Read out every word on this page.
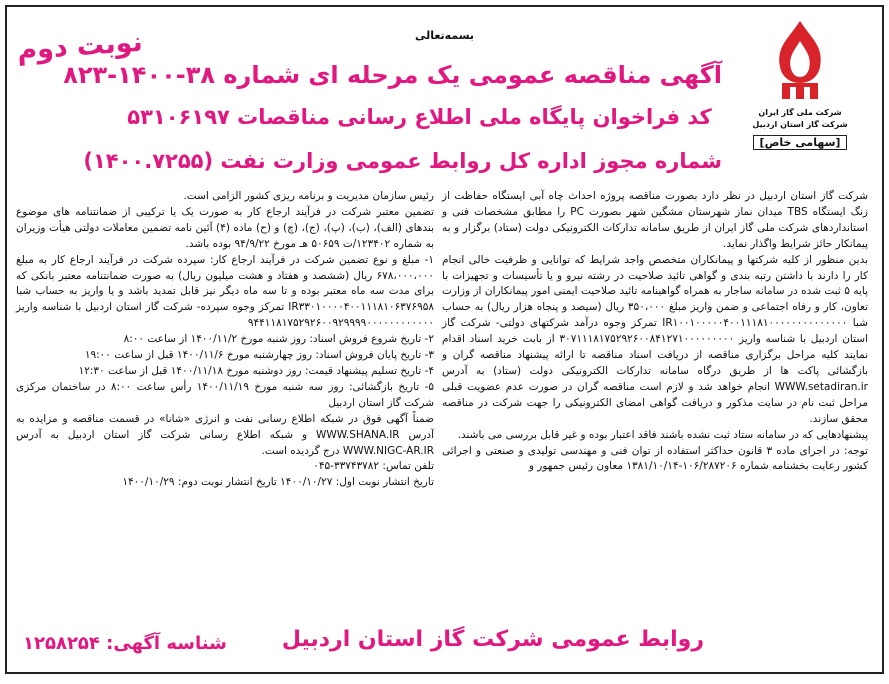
شرکت ملی گاز ایران
شرکت گاز استان اردبیل
[سهامی خاص]
بسمه‌تعالی
نوبت دوم
آگهی مناقصه عمومی یک مرحله ای شماره ۳۸-۱۴۰۰-۸۲۳
کد فراخوان پایگاه ملی اطلاع رسانی مناقصات ۵۳۱۰۶۱۹۷
شماره مجوز اداره کل روابط عمومی وزارت نفت (۱۴۰۰.۷۲۵۵)

شرکت گاز استان اردبیل در نظر دارد بصورت مناقصه پروژه احداث چاه آبی ایستگاه حفاظت از زنگ ایستگاه TBS میدان نماز شهرستان مشگین شهر بصورت PC را مطابق مشخصات فنی و استانداردهای شرکت ملی گاز ایران از طریق سامانه تدارکات الکترونیکی دولت (ستاد) برگزار و به پیمانکار حائز شرایط واگذار نماید.

بدین منظور از کلیه شرکتها و پیمانکاران متخصص واجد شرایط که توانایی و ظرفیت خالی انجام کار را دارند با داشتن رتبه بندی و گواهی تائید صلاحیت در رشته نیرو و یا تأسیسات و تجهیزات با پایه ۵ ثبت شده در سامانه ساجار به همراه گواهینامه تائید صلاحیت ایمنی امور پیمانکاران از وزارت تعاون، کار و رفاه اجتماعی و ضمن واریز مبلغ ۳۵۰،۰۰۰ ریال (سیصد و پنجاه هزار ریال) به حساب شبا IR۱۰۰۱۰۰۰۰۰۴۰۰۱۱۱۸۱۰۰۰۰۰۰۰۰۰۰۰۰۰۰ تمرکز وجوه درآمد شرکتهای دولتی- شرکت گاز استان اردبیل با شناسه واریز ۳۰۷۱۱۱۸۱۷۵۲۹۲۶۰۰۸۴۱۲۷۱۰۰۰۰۰۰۰۰۰ از بابت خرید اسناد اقدام نمایند کلیه مراحل برگزاری مناقصه از دریافت اسناد مناقصه تا ارائه پیشنهاد مناقصه گران و بازگشائی پاکت ها از طریق درگاه سامانه تدارکات الکترونیکی دولت (ستاد) به آدرس WWW.setadiran.ir انجام خواهد شد و لازم است مناقصه گران در صورت عدم عضویت قبلی مراحل ثبت نام در سایت مذکور و دریافت گواهی امضای الکترونیکی را جهت شرکت در مناقصه محقق سازند.

پیشنهادهایی که در سامانه ستاد ثبت نشده باشند فاقد اعتبار بوده و غیر قابل بررسی می باشند.

توجه: در اجرای ماده ۳ قانون حداکثر استفاده از توان فنی و مهندسی تولیدی و صنعتی و اجرائی کشور رعایت بخشنامه شماره ۱۰۶/۲۸۷۲۰۶-۱۳۸۱/۱۰/۱۴ معاون رئیس جمهور و

رئیس سازمان مدیریت و برنامه ریزی کشور الزامی است.

تضمین معتبر شرکت در فرآیند ارجاع کار به صورت یک یا ترکیبی از ضمانتنامه های موضوع بندهای (الف)، (ب)، (پ)، (ج)، (چ) و (ح) ماده (۴) آئین نامه تضمین معاملات دولتی هیأت وزیران به شماره ۱۲۳۴۰۲/ت ۵۰۶۵۹ هـ مورخ ۹۴/۹/۲۲ بوده باشد.

۱- مبلغ و نوع تضمین شرکت در فرآیند ارجاع کار: سپرده شرکت در فرآیند ارجاع کار به مبلغ ۶۷۸،۰۰۰،۰۰۰ ریال (ششصد و هفتاد و هشت میلیون ریال) به صورت ضمانتنامه معتبر بانکی که برای مدت سه ماه معتبر بوده و تا سه ماه دیگر نیز قابل تمدید باشد و یا واریز به حساب شبا IR۳۳۰۱۰۰۰۰۴۰۰۱۱۱۸۱۰۶۳۷۶۹۵۸ تمرکز وجوه سپرده- شرکت گاز استان اردبیل با شناسه واریز ۹۴۴۱۱۸۱۷۵۲۹۲۶۰۰۹۲۹۹۹۹۰۰۰۰۰۰۰۰۰۰۰۰

۲- تاریخ شروع فروش اسناد: روز شنبه مورخ ۱۴۰۰/۱۱/۲ از ساعت ۸:۰۰

۳- تاریخ پایان فروش اسناد: روز چهارشنبه مورخ ۱۴۰۰/۱۱/۶ قبل از ساعت ۱۹:۰۰

۴- تاریخ تسلیم پیشنهاد قیمت: روز دوشنبه مورخ ۱۴۰۰/۱۱/۱۸ قبل از ساعت ۱۲:۳۰

۵- تاریخ بازگشائی: روز سه شنبه مورخ ۱۴۰۰/۱۱/۱۹ رأس ساعت ۸:۰۰ در ساختمان مرکزی شرکت گاز استان اردبیل

ضمناً آگهی فوق در شبکه اطلاع رسانی نفت و انرژی «شانا» در قسمت مناقصه و مزایده به آدرس WWW.SHANA.IR و شبکه اطلاع رسانی شرکت گاز استان اردبیل به آدرس WWW.NIGC-AR.IR درج گردیده است.

تلفن تماس: ۳۳۷۴۳۷۸۲-۰۴۵

تاریخ انتشار نوبت اول: ۱۴۰۰/۱۰/۲۷ تاریخ انتشار نوبت دوم: ۱۴۰۰/۱۰/۲۹

روابط عمومی شرکت گاز استان اردبیل
شناسه آگهی: ۱۲۵۸۲۵۴
